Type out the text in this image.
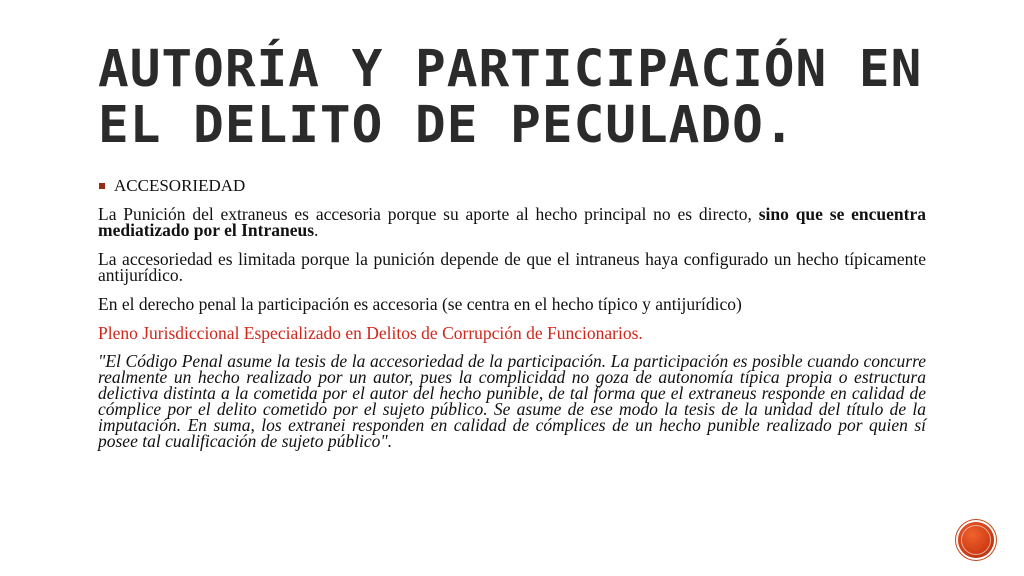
AUTORÍA Y PARTICIPACIÓN EN EL DELITO DE PECULADO.
ACCESORIEDAD

La Punición del extraneus es accesoria porque su aporte al hecho principal no es directo, sino que se encuentra mediatizado por el Intraneus.

La accesoriedad es limitada porque la punición depende de que el intraneus haya configurado un hecho típicamente antijurídico.

En el derecho penal la participación es accesoria (se centra en el hecho típico y antijurídico)

Pleno Jurisdiccional Especializado en Delitos de Corrupción de Funcionarios.

"El Código Penal asume la tesis de la accesoriedad de la participación. La participación es posible cuando concurre realmente un hecho realizado por un autor, pues la complicidad no goza de autonomía típica propia o estructura delictiva distinta a la cometida por el autor del hecho punible, de tal forma que el extraneus responde en calidad de cómplice por el delito cometido por el sujeto público. Se asume de ese modo la tesis de la unidad del título de la imputación. En suma, los extranei responden en calidad de cómplices de un hecho punible realizado por quien sí posee tal cualificación de sujeto público".
